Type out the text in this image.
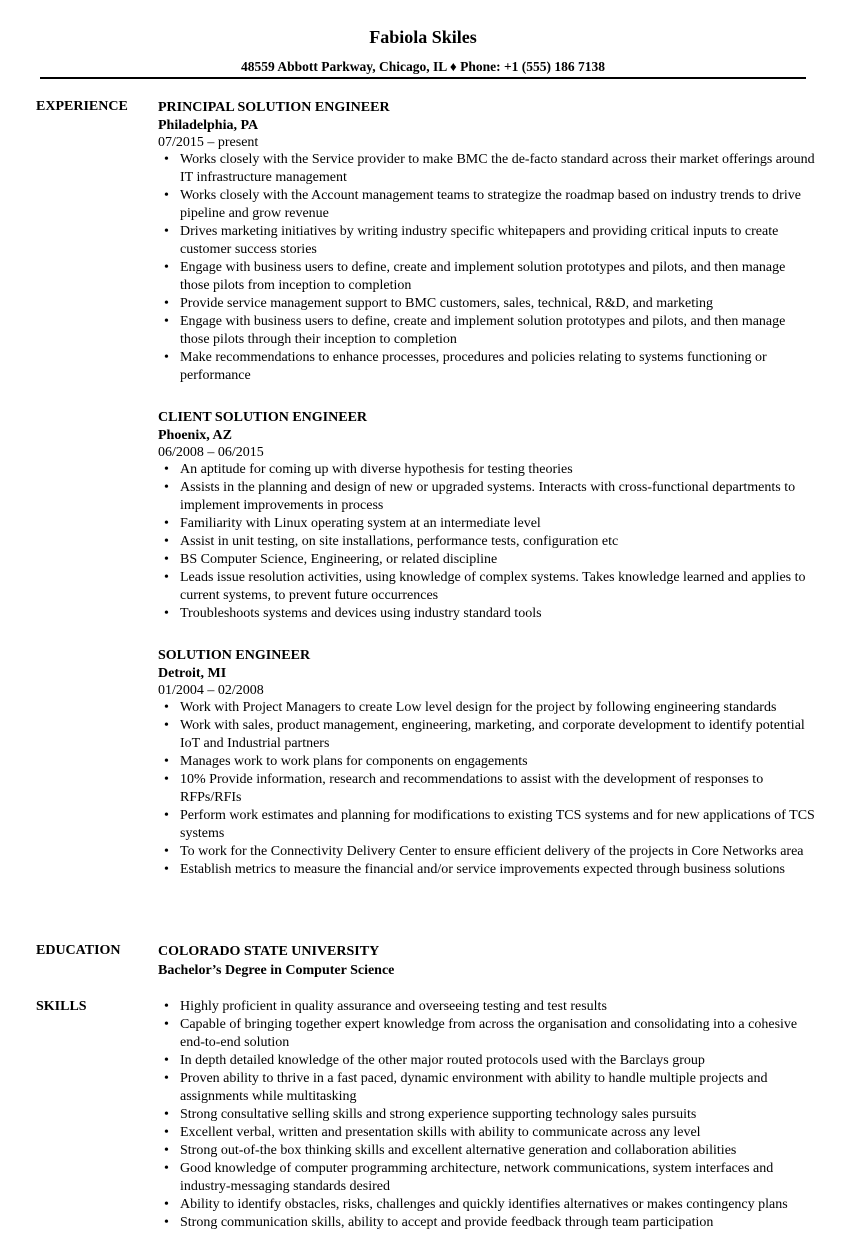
Fabiola Skiles
48559 Abbott Parkway, Chicago, IL ♦ Phone: +1 (555) 186 7138
EXPERIENCE PRINCIPAL SOLUTION ENGINEER
Philadelphia, PA
07/2015 – present
• Works closely with the Service provider to make BMC the de-facto standard across their market offerings around IT infrastructure management
• Works closely with the Account management teams to strategize the roadmap based on industry trends to drive pipeline and grow revenue
• Drives marketing initiatives by writing industry specific whitepapers and providing critical inputs to create customer success stories
• Engage with business users to define, create and implement solution prototypes and pilots, and then manage those pilots from inception to completion
• Provide service management support to BMC customers, sales, technical, R&D, and marketing
• Engage with business users to define, create and implement solution prototypes and pilots, and then manage those pilots through their inception to completion
• Make recommendations to enhance processes, procedures and policies relating to systems functioning or performance
CLIENT SOLUTION ENGINEER
Phoenix, AZ
06/2008 – 06/2015
• An aptitude for coming up with diverse hypothesis for testing theories
• Assists in the planning and design of new or upgraded systems. Interacts with cross-functional departments to implement improvements in process
• Familiarity with Linux operating system at an intermediate level
• Assist in unit testing, on site installations, performance tests, configuration etc
• BS Computer Science, Engineering, or related discipline
• Leads issue resolution activities, using knowledge of complex systems. Takes knowledge learned and applies to current systems, to prevent future occurrences
• Troubleshoots systems and devices using industry standard tools
SOLUTION ENGINEER
Detroit, MI
01/2004 – 02/2008
• Work with Project Managers to create Low level design for the project by following engineering standards
• Work with sales, product management, engineering, marketing, and corporate development to identify potential IoT and Industrial partners
• Manages work to work plans for components on engagements
• 10% Provide information, research and recommendations to assist with the development of responses to RFPs/RFIs
• Perform work estimates and planning for modifications to existing TCS systems and for new applications of TCS systems
• To work for the Connectivity Delivery Center to ensure efficient delivery of the projects in Core Networks area
• Establish metrics to measure the financial and/or service improvements expected through business solutions
EDUCATION	COLORADO STATE UNIVERSITY
Bachelor’s Degree in Computer Science
SKILLS
•	Highly proficient in quality assurance and overseeing testing and test results
• Capable of bringing together expert knowledge from across the organisation and consolidating into a cohesive end-to-end solution
• In depth detailed knowledge of the other major routed protocols used with the Barclays group
• Proven ability to thrive in a fast paced, dynamic environment with ability to handle multiple projects and assignments while multitasking
• Strong consultative selling skills and strong experience supporting technology sales pursuits
• Excellent verbal, written and presentation skills with ability to communicate across any level
• Strong out-of-the box thinking skills and excellent alternative generation and collaboration abilities
• Good knowledge of computer programming architecture, network communications, system interfaces and industry-messaging standards desired
• Ability to identify obstacles, risks, challenges and quickly identifies alternatives or makes contingency plans
• Strong communication skills, ability to accept and provide feedback through team participation
